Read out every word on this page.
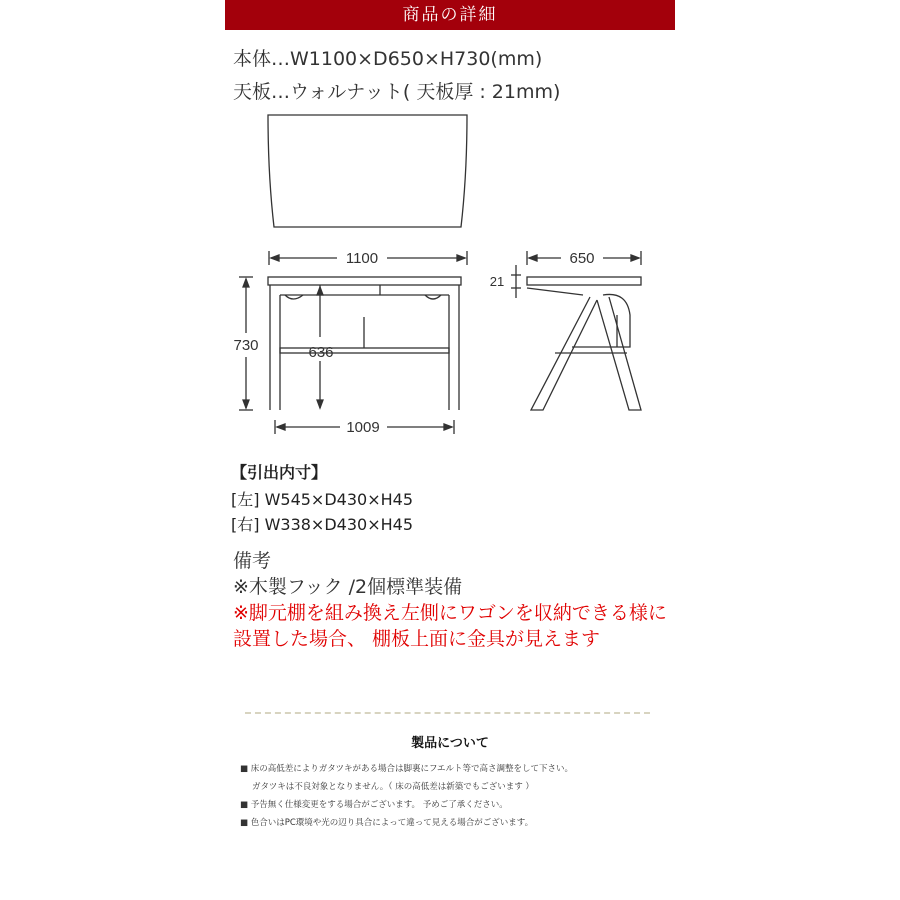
商品の詳細
本体…W1100×D650×H730(mm)
天板…ウォルナット( 天板厚 : 21mm)
1100
730	636
1009
650
21
【引出内寸】
[左] W545×D430×H45
[右] W338×D430×H45
備考
※木製フック /2個標準装備
※脚元棚を組み換え左側にワゴンを収納できる様に設置した場合、 棚板上面に金具が見えます
製品について
■ 床の高低差によりガタツキがある場合は脚裏にフエルト等で高さ調整をして下さい。
ガタツキは不良対象となりません。（ 床の高低差は新築でもございます ）
■ 予告無く仕様変更をする場合がございます。 予めご了承ください。
■ 色合いはPC環境や光の辺り具合によって違って見える場合がございます。
